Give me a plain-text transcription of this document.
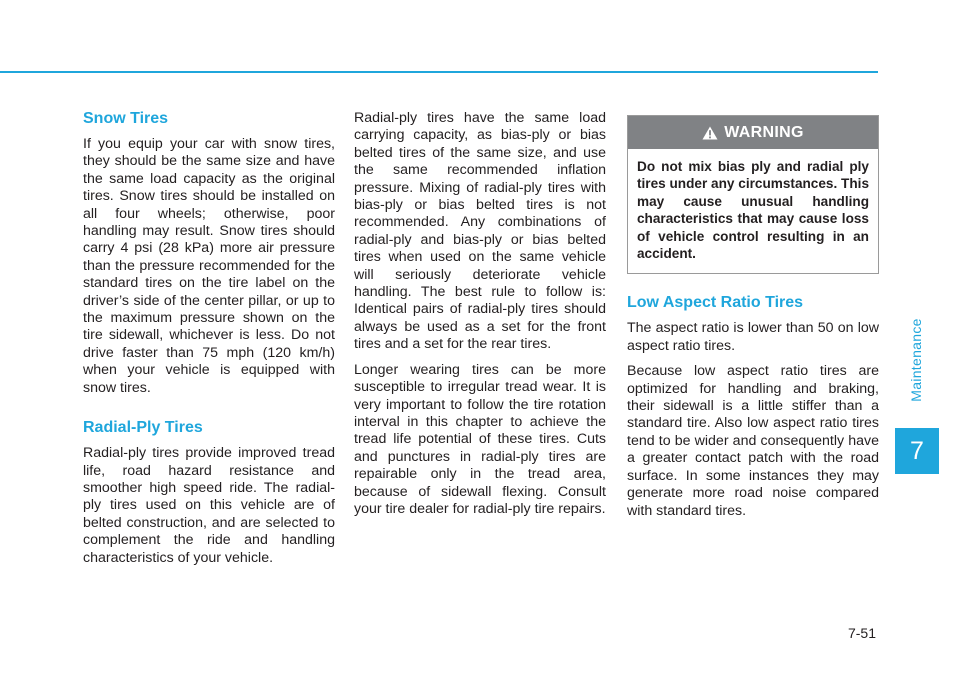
Snow Tires

If you equip your car with snow tires, they should be the same size and have the same load capacity as the original tires. Snow tires should be installed on all four wheels; otherwise, poor handling may result. Snow tires should carry 4 psi (28 kPa) more air pressure than the pressure recommended for the standard tires on the tire label on the driver’s side of the center pillar, or up to the maximum pressure shown on the tire sidewall, whichever is less. Do not drive faster than 75 mph (120 km/h) when your vehicle is equipped with snow tires.

Radial-Ply Tires

Radial-ply tires provide improved tread life, road hazard resistance and smoother high speed ride. The radial-ply tires used on this vehicle are of belted construction, and are selected to complement the ride and handling characteristics of your vehicle.

Radial-ply tires have the same load carrying capacity, as bias-ply or bias belted tires of the same size, and use the same recommended inflation pressure. Mixing of radial-ply tires with bias-ply or bias belted tires is not recommended. Any combinations of radial-ply and bias-ply or bias belted tires when used on the same vehicle will seriously deteriorate vehicle handling. The best rule to follow is: Identical pairs of radial-ply tires should always be used as a set for the front tires and a set for the rear tires.

Longer wearing tires can be more susceptible to irregular tread wear. It is very important to follow the tire rotation interval in this chapter to achieve the tread life potential of these tires. Cuts and punctures in radial-ply tires are repairable only in the tread area, because of sidewall flexing. Consult your tire dealer for radial-ply tire repairs.

WARNING
Do not mix bias ply and radial ply tires under any circumstances. This may cause unusual handling characteristics that may cause loss of vehicle control resulting in an accident.
Low Aspect Ratio Tires

The aspect ratio is lower than 50 on low aspect ratio tires.

Because low aspect ratio tires are optimized for handling and braking, their sidewall is a little stiffer than a standard tire. Also low aspect ratio tires tend to be wider and consequently have a greater contact patch with the road surface. In some instances they may generate more road noise compared with standard tires.

Maintenance
7
7-51
